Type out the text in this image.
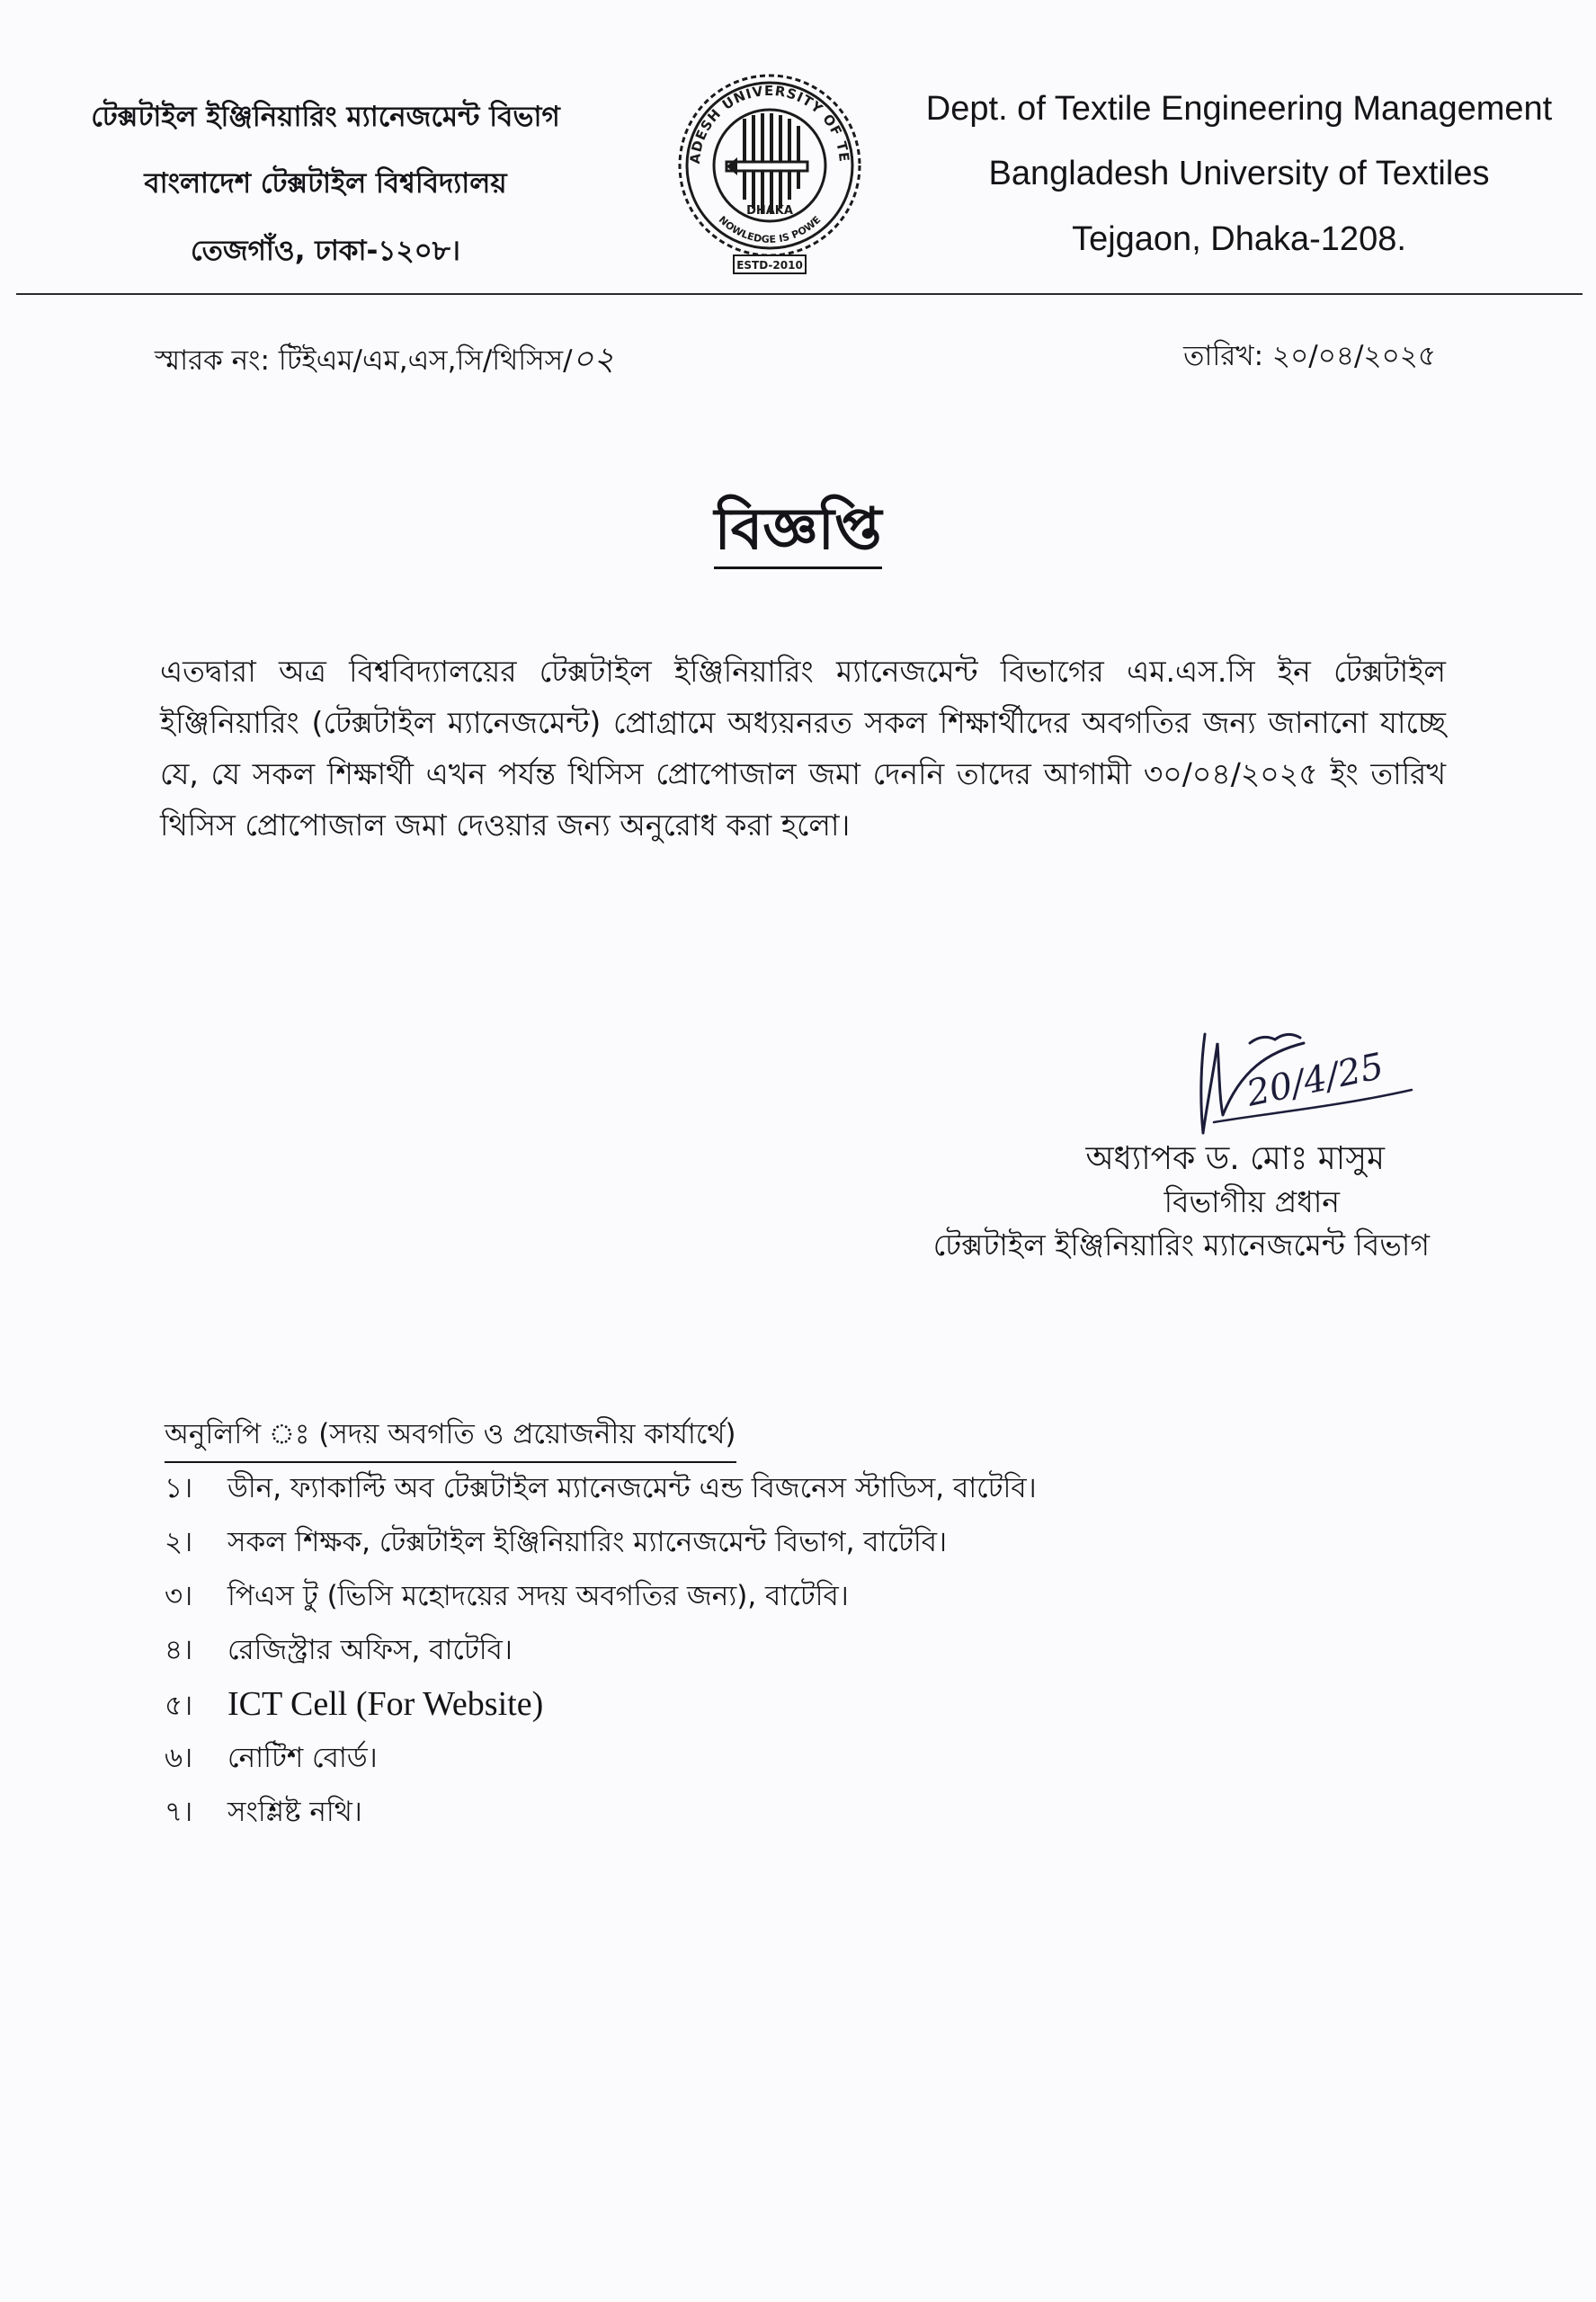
টেক্সটাইল ইঞ্জিনিয়ারিং ম্যানেজমেন্ট বিভাগ
বাংলাদেশ টেক্সটাইল বিশ্ববিদ্যালয়
তেজগাঁও, ঢাকা-১২০৮।
ADESH UNIVERSITY OF TE
DHAKA
NOWLEDGE IS POWE
ESTD-2010
Dept. of Textile Engineering Management
Bangladesh University of Textiles
Tejgaon, Dhaka-1208.
স্মারক নং: টিইএম/এম,এস,সি/থিসিস/০২	তারিখ: ২০/০৪/২০২৫
বিজ্ঞপ্তি
এতদ্বারা অত্র বিশ্ববিদ্যালয়ের টেক্সটাইল ইঞ্জিনিয়ারিং ম্যানেজমেন্ট বিভাগের এম.এস.সি ইন টেক্সটাইল ইঞ্জিনিয়ারিং (টেক্সটাইল ম্যানেজমেন্ট) প্রোগ্রামে অধ্যয়নরত সকল শিক্ষার্থীদের অবগতির জন্য জানানো যাচ্ছে যে, যে সকল শিক্ষার্থী এখন পর্যন্ত থিসিস প্রোপোজাল জমা দেননি তাদের আগামী ৩০/০৪/২০২৫ ইং তারিখ থিসিস প্রোপোজাল জমা দেওয়ার জন্য অনুরোধ করা হলো।
20/4/25
অধ্যাপক ড. মোঃ মাসুম
বিভাগীয় প্রধান
টেক্সটাইল ইঞ্জিনিয়ারিং ম্যানেজমেন্ট বিভাগ
অনুলিপি ঃ (সদয় অবগতি ও প্রয়োজনীয় কার্যার্থে)
১। ডীন, ফ্যাকাল্টি অব টেক্সটাইল ম্যানেজমেন্ট এন্ড বিজনেস স্টাডিস, বাটেবি।
২। সকল শিক্ষক, টেক্সটাইল ইঞ্জিনিয়ারিং ম্যানেজমেন্ট বিভাগ, বাটেবি।
৩। পিএস টু (ভিসি মহোদয়ের সদয় অবগতির জন্য), বাটেবি।
৪। রেজিস্ট্রার অফিস, বাটেবি।
৫। ICT Cell (For Website)
৬। নোটিশ বোর্ড।
৭। সংশ্লিষ্ট নথি।
